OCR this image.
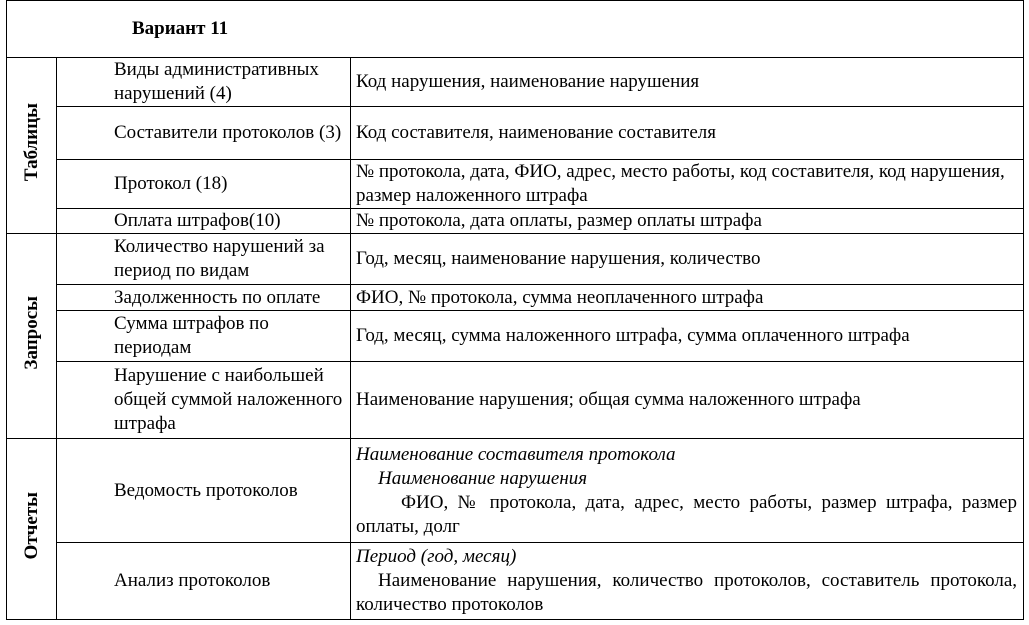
Вариант 11		
Таблицы	Виды административных нарушений (4)	Код нарушения, наименование нарушения
	Составители протоколов (3)	Код составителя, наименование составителя
	Протокол (18)	№ протокола, дата, ФИО, адрес, место работы, код составителя, код нарушения, размер наложенного штрафа
	Оплата штрафов(10)	№ протокола, дата оплаты, размер оплаты штрафа
Запросы	Количество нарушений за период по видам	Год, месяц, наименование нарушения, количество
	Задолженность по оплате	ФИО, № протокола, сумма неоплаченного штрафа
	Сумма штрафов по периодам	Год, месяц, сумма наложенного штрафа, сумма оплаченного штрафа
	Нарушение с наибольшей общей суммой наложенного штрафа	Наименование нарушения; общая сумма наложенного штрафа
Отчеты	Ведомость протоколов	Наименование составителя протокола
Наименование нарушения
ФИО, № протокола, дата, адрес, место работы, размер штрафа, размер оплаты, долг

	Анализ протоколов	Период (год, месяц)
Наименование нарушения, количество протоколов, составитель протокола, количество протоколов
